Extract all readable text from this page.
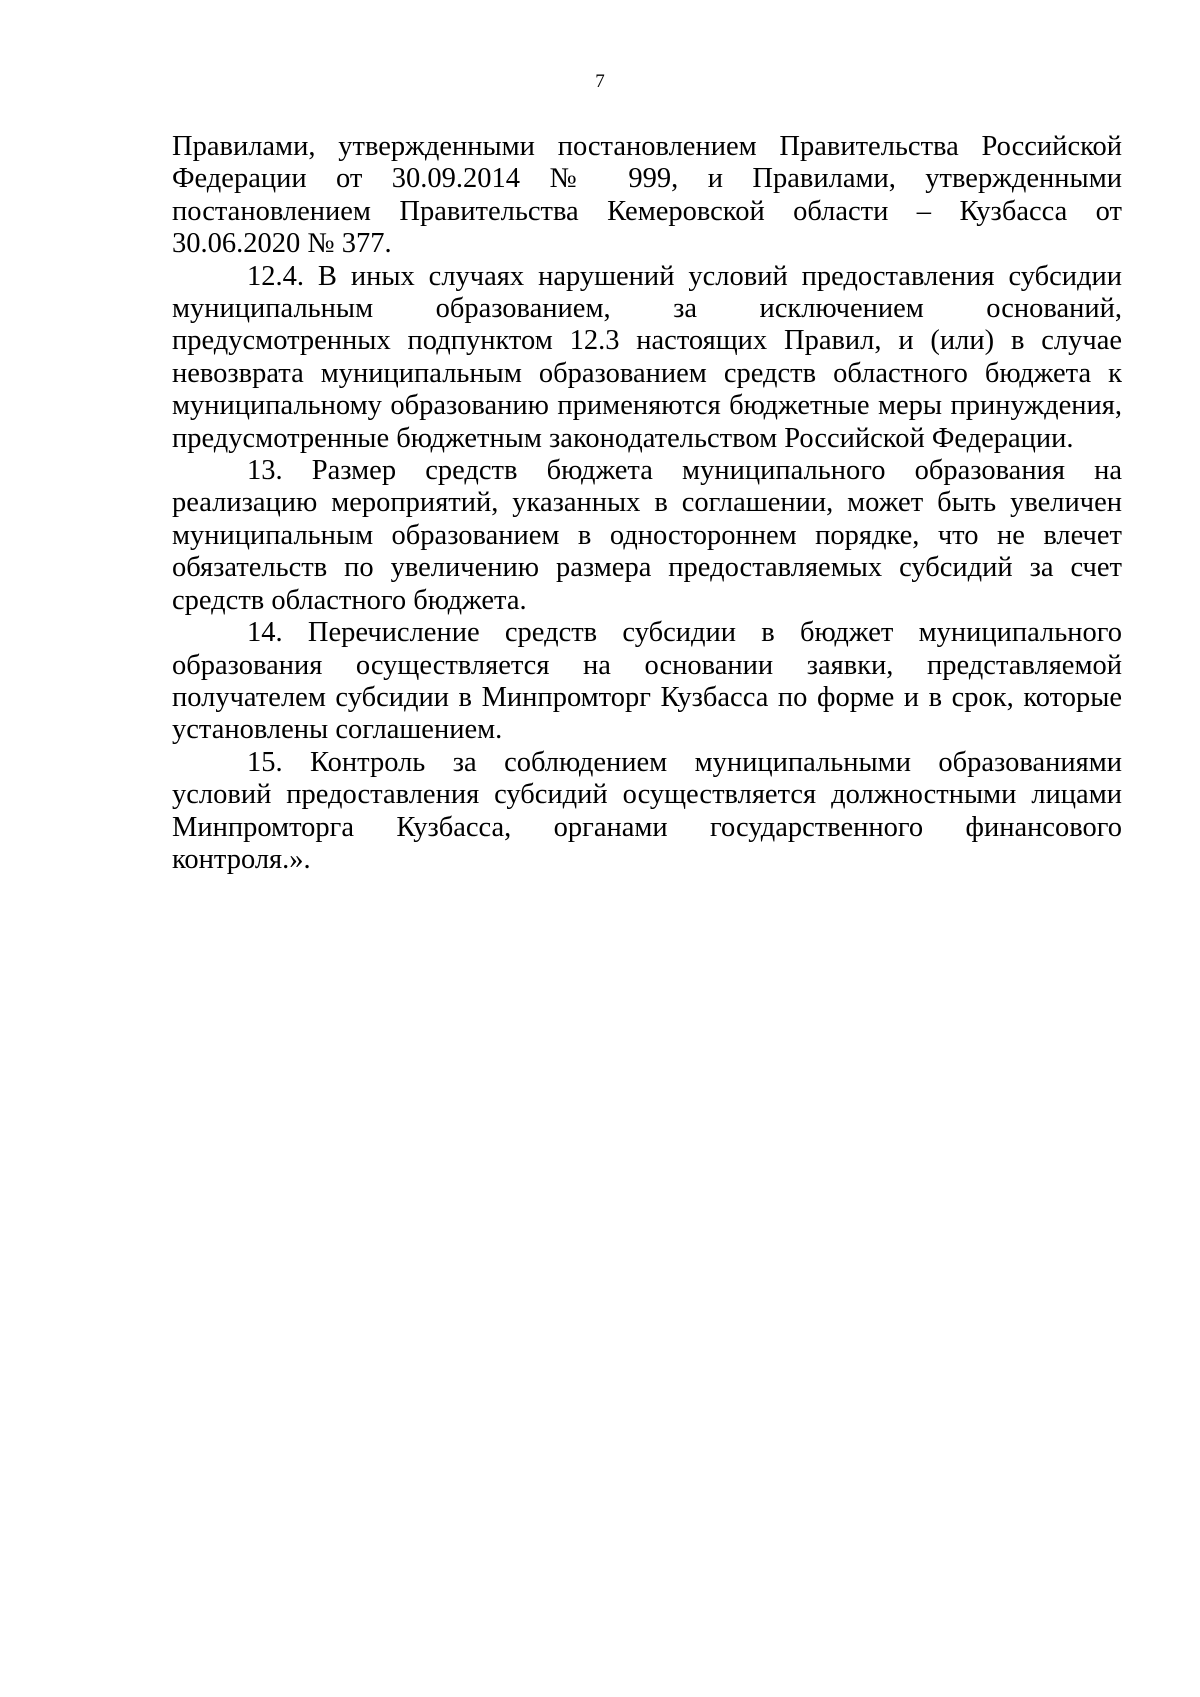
7

Правилами, утвержденными постановлением Правительства Российской Федерации от 30.09.2014 № 999, и Правилами, утвержденными постановлением Правительства Кемеровской области – Кузбасса от 30.06.2020 № 377.

12.4. В иных случаях нарушений условий предоставления субсидии муниципальным образованием, за исключением оснований, предусмотренных подпунктом 12.3 настоящих Правил, и (или) в случае невозврата муниципальным образованием средств областного бюджета к муниципальному образованию применяются бюджетные меры принуждения, предусмотренные бюджетным законодательством Российской Федерации.

13. Размер средств бюджета муниципального образования на реализацию мероприятий, указанных в соглашении, может быть увеличен муниципальным образованием в одностороннем порядке, что не влечет обязательств по увеличению размера предоставляемых субсидий за счет средств областного бюджета.

14. Перечисление средств субсидии в бюджет муниципального образования осуществляется на основании заявки, представляемой получателем субсидии в Минпромторг Кузбасса по форме и в срок, которые установлены соглашением.

15. Контроль за соблюдением муниципальными образованиями условий предоставления субсидий осуществляется должностными лицами Минпромторга Кузбасса, органами государственного финансового контроля.».
